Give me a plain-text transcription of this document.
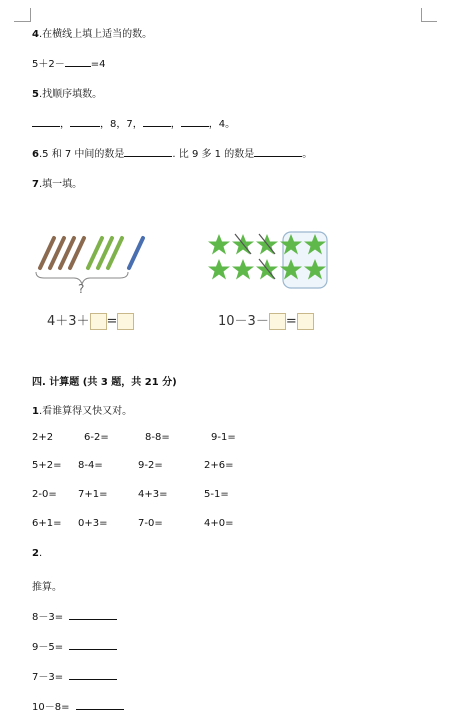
4.在横线上填上适当的数。
5＋2－	=4
5.找顺序填数。
，	，8，7，	，	，4。
6.5 和 7 中间的数是	. 比 9 多 1 的数是	。
7.填一填。
?
4＋3＋ =	10－3－ =
四. 计算题 (共 3 题，共 21 分)
1.看谁算得又快又对。
2+2	6-2=	8-8=	9-1=
5+2= 8-4=	9-2=	2+6=
2-0= 7+1=	4+3=	5-1=
6+1= 0+3=	7-0=	4+0=
2.
推算。
8－3=
9－5=
7－3=
10－8=
